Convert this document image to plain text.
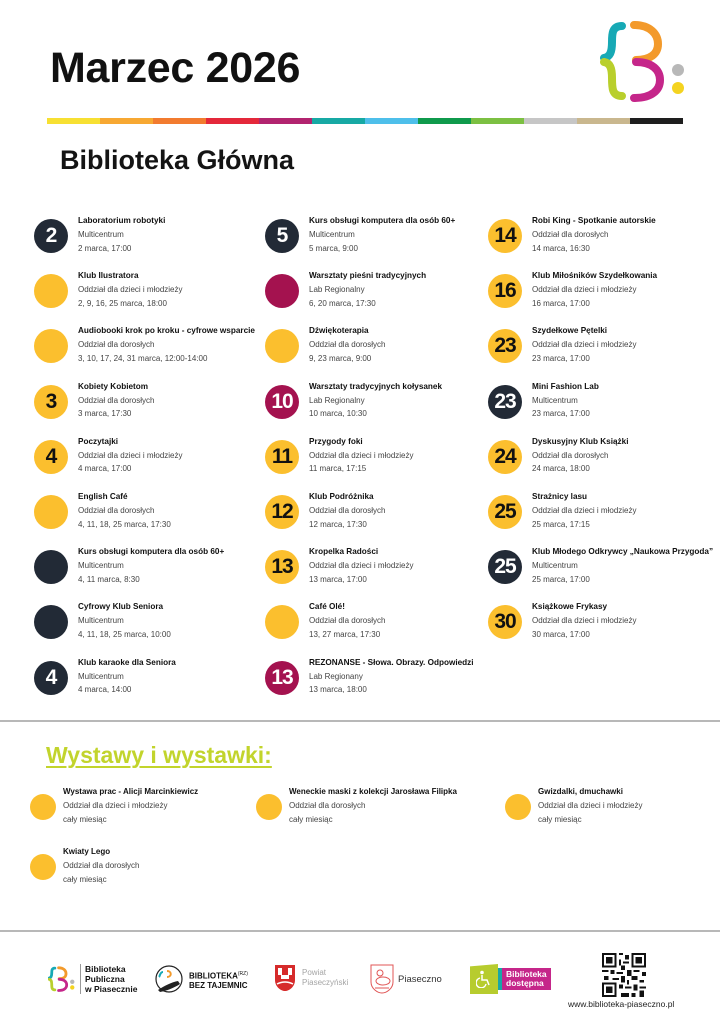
Marzec 2026
Biblioteka Główna
2
Laboratorium robotyki
Multicentrum
2 marca, 17:00
Klub Ilustratora
Oddział dla dzieci i młodzieży
2, 9, 16, 25 marca, 18:00
Audiobooki krok po kroku - cyfrowe wsparcie
Oddział dla dorosłych
3, 10, 17, 24, 31 marca, 12:00-14:00
3
Kobiety Kobietom
Oddział dla dorosłych
3 marca, 17:30
4
Poczytajki
Oddział dla dzieci i młodzieży
4 marca, 17:00
English Café
Oddział dla dorosłych
4, 11, 18, 25 marca, 17:30
Kurs obsługi komputera dla osób 60+
Multicentrum
4, 11 marca, 8:30
Cyfrowy Klub Seniora
Multicentrum
4, 11, 18, 25 marca, 10:00
4
Klub karaoke dla Seniora
Multicentrum
4 marca, 14:00
5
Kurs obsługi komputera dla osób 60+
Multicentrum
5 marca, 9:00
Warsztaty pieśni tradycyjnych
Lab Regionalny
6, 20 marca, 17:30
Dźwiękoterapia
Oddział dla dorosłych
9, 23 marca, 9:00
10
Warsztaty tradycyjnych kołysanek
Lab Regionalny
10 marca, 10:30
11
Przygody foki
Oddział dla dzieci i młodzieży
11 marca, 17:15
12
Klub Podróżnika
Oddział dla dorosłych
12 marca, 17:30
13
Kropelka Radości
Oddział dla dzieci i młodzieży
13 marca, 17:00
Café Olé!
Oddział dla dorosłych
13, 27 marca, 17:30
13
REZONANSE - Słowa. Obrazy. Odpowiedzi
Lab Regionany
13 marca, 18:00
14
Robi King - Spotkanie autorskie
Oddział dla dorosłych
14 marca, 16:30
16
Klub Miłośników Szydełkowania
Oddział dla dzieci i młodzieży
16 marca, 17:00
23
Szydełkowe Pętelki
Oddział dla dzieci i młodzieży
23 marca, 17:00
23
Mini Fashion Lab
Multicentrum
23 marca, 17:00
24
Dyskusyjny Klub Książki
Oddział dla dorosłych
24 marca, 18:00
25
Strażnicy lasu
Oddział dla dzieci i młodzieży
25 marca, 17:15
25
Klub Młodego Odkrywcy „Naukowa Przygoda”
Multicentrum
25 marca, 17:00
30
Książkowe Frykasy
Oddział dla dzieci i młodzieży
30 marca, 17:00
Wystawy i wystawki:
Wystawa prac - Alicji Marcinkiewicz
Oddział dla dzieci i młodzieży
cały miesiąc
Weneckie maski z kolekcji Jarosława Filipka
Oddział dla dorosłych
cały miesiąc
Gwizdalki, dmuchawki
Oddział dla dzieci i młodzieży
cały miesiąc
Kwiaty Lego
Oddział dla dorosłych
cały miesiąc
Biblioteka
Publiczna
w Piasecznie
$BIBLIOTEKA^{(RZ)}$
BEZ TAJEMNIC
Powiat
Piaseczyński	Piaseczno	Biblioteka
dostępna
www.biblioteka-piaseczno.pl
